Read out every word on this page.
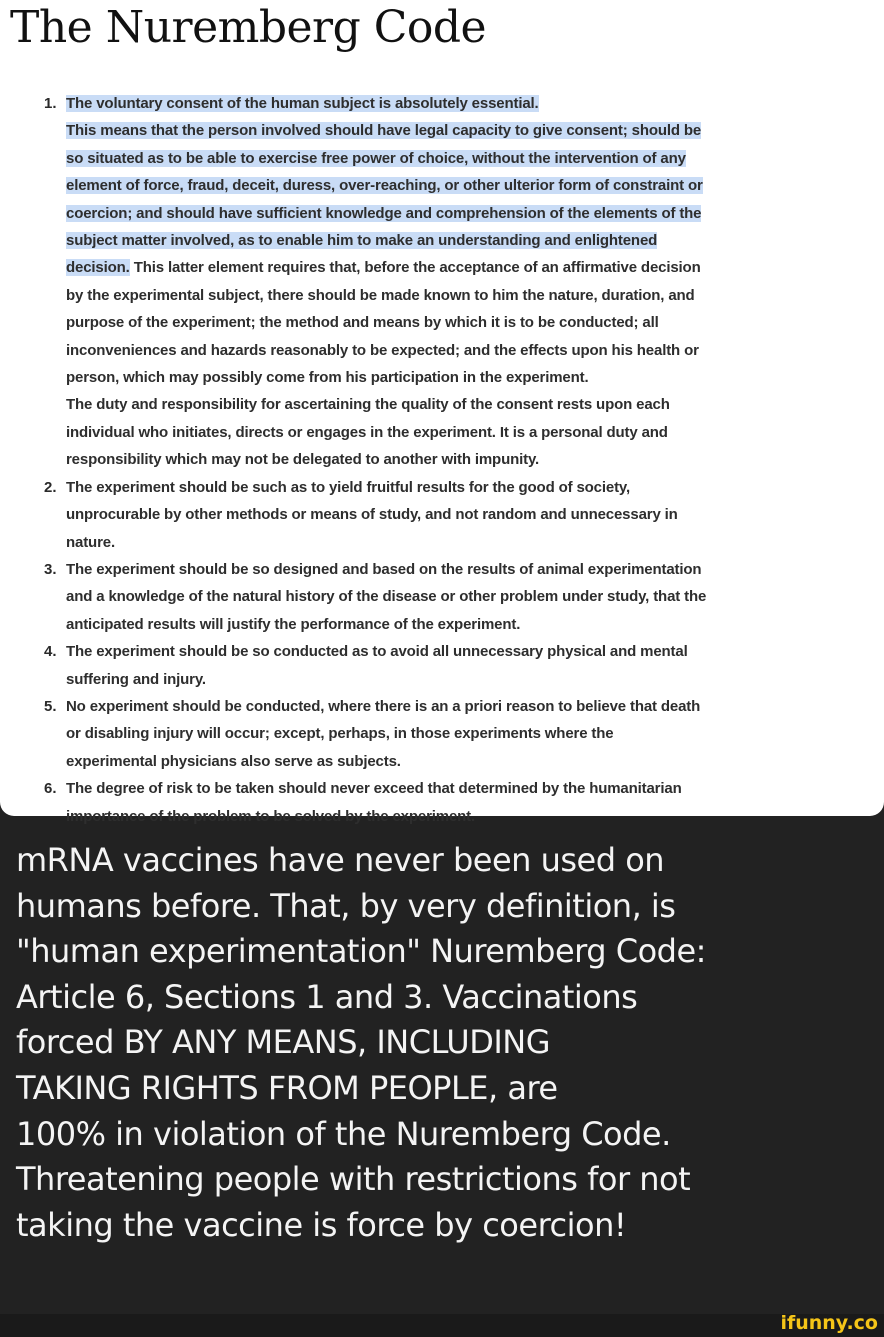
The Nuremberg Code
1. The voluntary consent of the human subject is absolutely essential.
This means that the person involved should have legal capacity to give consent; should be
so situated as to be able to exercise free power of choice, without the intervention of any
element of force, fraud, deceit, duress, over-reaching, or other ulterior form of constraint or
coercion; and should have sufficient knowledge and comprehension of the elements of the
subject matter involved, as to enable him to make an understanding and enlightened
decision. This latter element requires that, before the acceptance of an affirmative decision
by the experimental subject, there should be made known to him the nature, duration, and
purpose of the experiment; the method and means by which it is to be conducted; all
inconveniences and hazards reasonably to be expected; and the effects upon his health or
person, which may possibly come from his participation in the experiment.
The duty and responsibility for ascertaining the quality of the consent rests upon each
individual who initiates, directs or engages in the experiment. It is a personal duty and
responsibility which may not be delegated to another with impunity.
2. The experiment should be such as to yield fruitful results for the good of society,
unprocurable by other methods or means of study, and not random and unnecessary in
nature.
3. The experiment should be so designed and based on the results of animal experimentation
and a knowledge of the natural history of the disease or other problem under study, that the
anticipated results will justify the performance of the experiment.
4. The experiment should be so conducted as to avoid all unnecessary physical and mental
suffering and injury.
5. No experiment should be conducted, where there is an a priori reason to believe that death
or disabling injury will occur; except, perhaps, in those experiments where the
experimental physicians also serve as subjects.
6. The degree of risk to be taken should never exceed that determined by the humanitarian
importance of the problem to be solved by the experiment.
mRNA vaccines have never been used on
humans before. That, by very definition, is
"human experimentation" Nuremberg Code:
Article 6, Sections 1 and 3. Vaccinations
forced BY ANY MEANS, INCLUDING
TAKING RIGHTS FROM PEOPLE, are
100% in violation of the Nuremberg Code.
Threatening people with restrictions for not
taking the vaccine is force by coercion!
ifunny.co
